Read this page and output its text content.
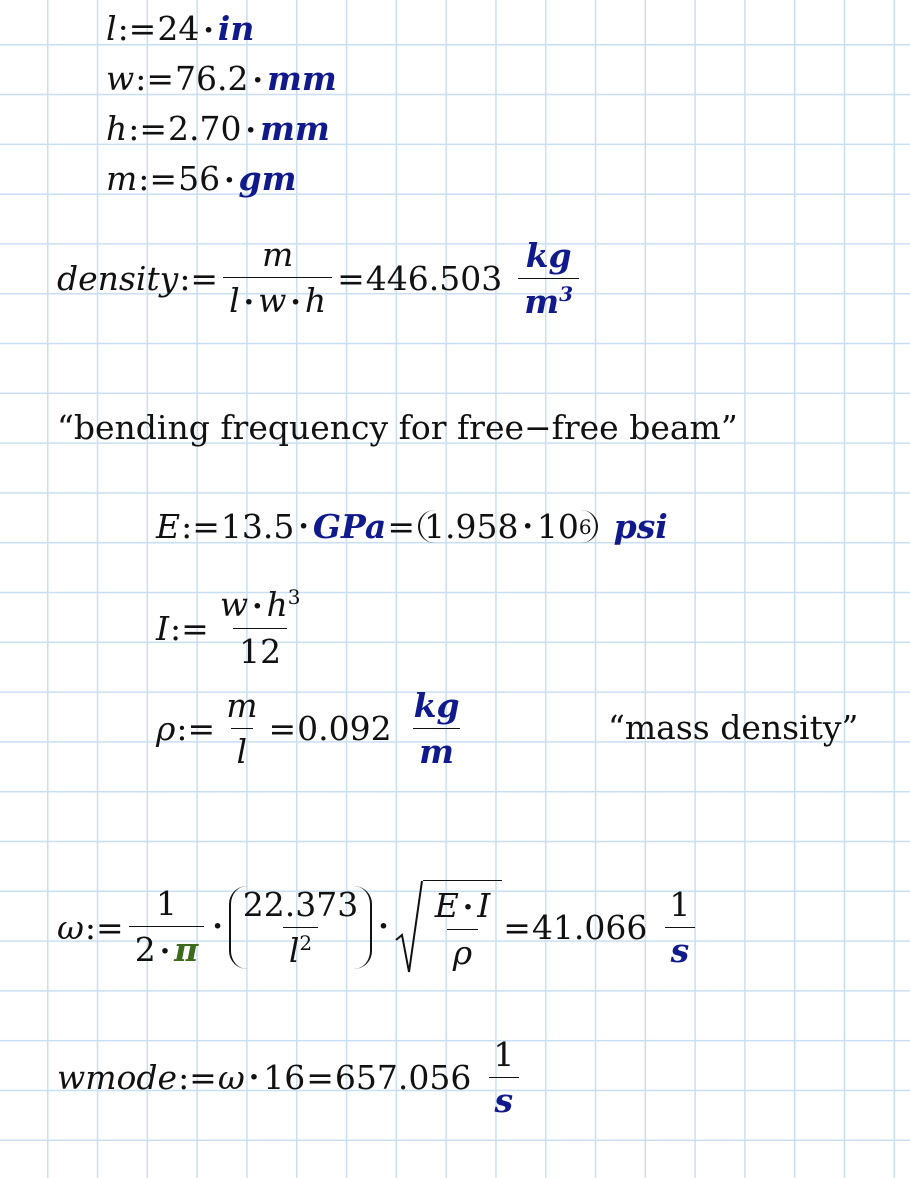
l:=24 · in
w:=76.2 · mm
h:=2.70 · mm
m:=56 · gm
density := $\frac{m}{l \cdot w \cdot h} = 446.503 \frac{kg}{m^3}$
“bending frequency for free−free beam”
E := 13.5 · GPa = 1.958 · 10 6 psi
I := $\frac{w \cdot h^3}{12}$
ρ := $\frac{m}{l} = 0.092 \frac{kg}{m}$	“mass density”
ω := $\frac{1}{2 \cdot \pi} \cdot \frac{22.373}{l^2} \cdot \frac{E \cdot I}{\rho} = 41.066 \frac{1}{s}$
wmode := $\omega \cdot 16 = 657.056 \frac{1}{s}$
